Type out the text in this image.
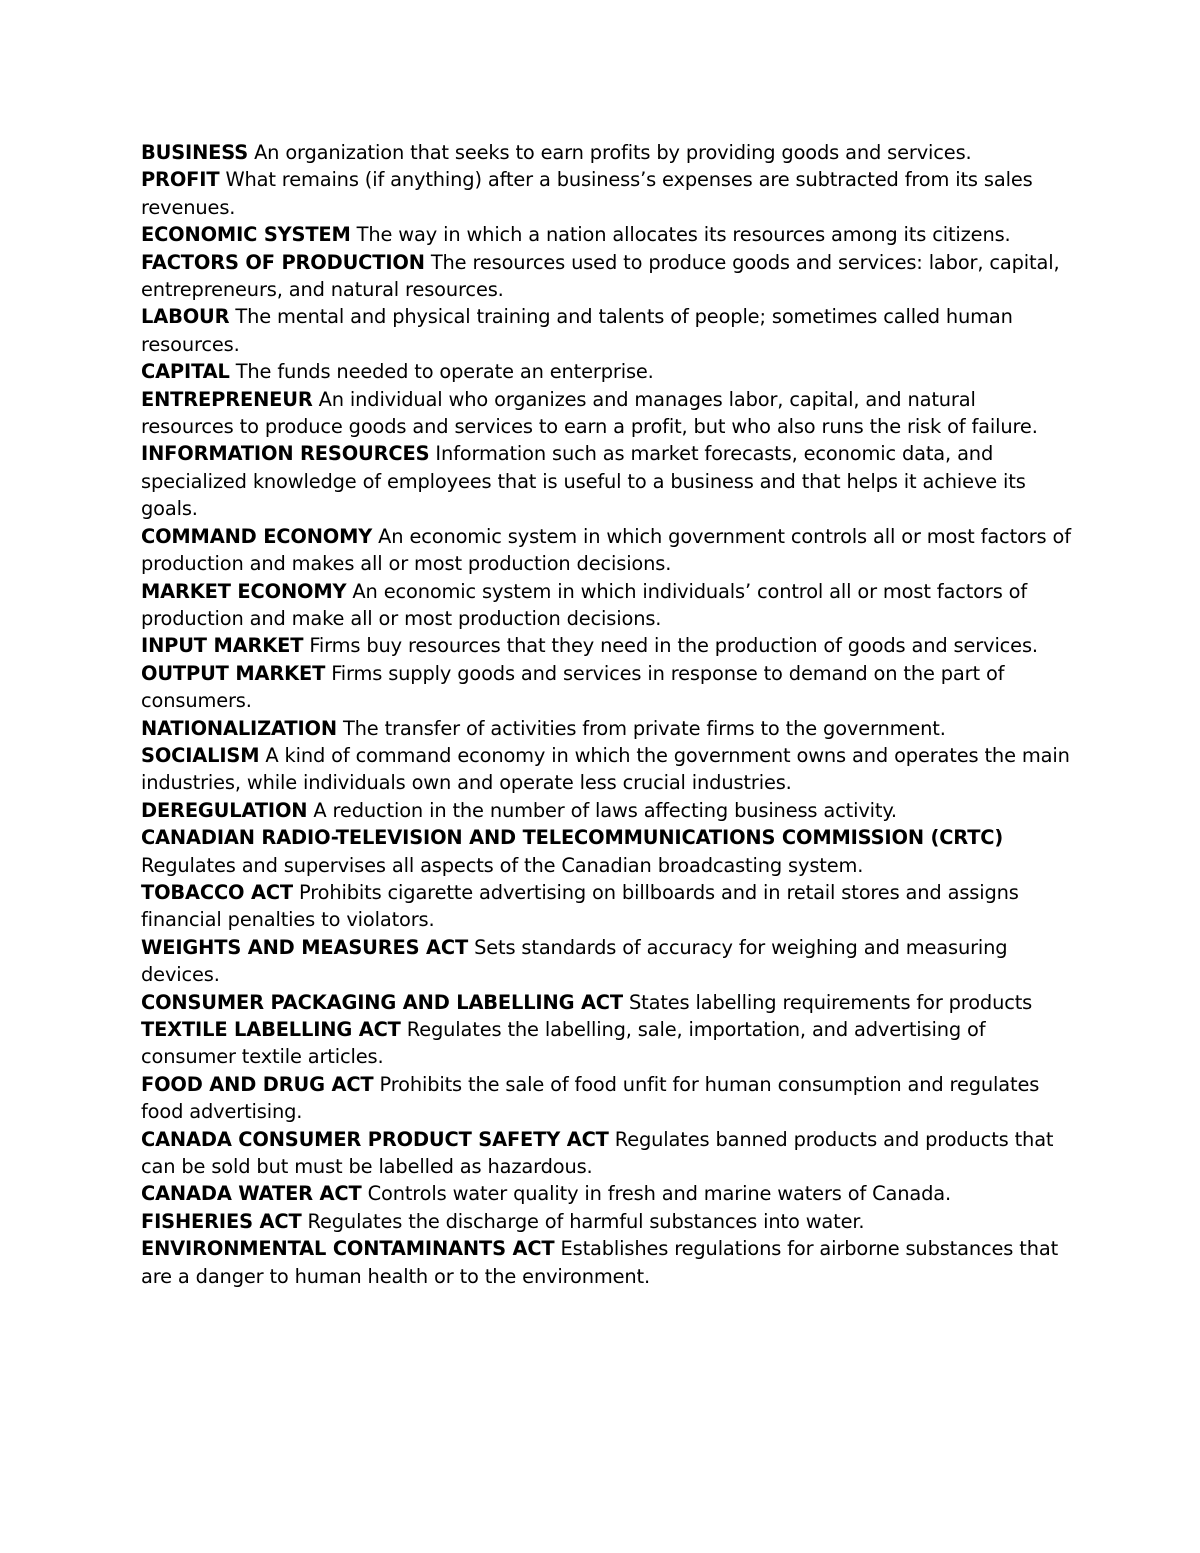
BUSINESS An organization that seeks to earn profits by providing goods and services.

PROFIT What remains (if anything) after a business’s expenses are subtracted from its sales revenues.

ECONOMIC SYSTEM The way in which a nation allocates its resources among its citizens.

FACTORS OF PRODUCTION The resources used to produce goods and services: labor, capital, entrepreneurs, and natural resources.

LABOUR The mental and physical training and talents of people; sometimes called human resources.

CAPITAL The funds needed to operate an enterprise.

ENTREPRENEUR An individual who organizes and manages labor, capital, and natural resources to produce goods and services to earn a profit, but who also runs the risk of failure.

INFORMATION RESOURCES Information such as market forecasts, economic data, and specialized knowledge of employees that is useful to a business and that helps it achieve its goals.

COMMAND ECONOMY An economic system in which government controls all or most factors of production and makes all or most production decisions.

MARKET ECONOMY An economic system in which individuals’ control all or most factors of production and make all or most production decisions.

INPUT MARKET Firms buy resources that they need in the production of goods and services.

OUTPUT MARKET Firms supply goods and services in response to demand on the part of consumers.

NATIONALIZATION The transfer of activities from private firms to the government.

SOCIALISM A kind of command economy in which the government owns and operates the main industries, while individuals own and operate less crucial industries.

DEREGULATION A reduction in the number of laws affecting business activity.

CANADIAN RADIO-TELEVISION AND TELECOMMUNICATIONS COMMISSION (CRTC) Regulates and supervises all aspects of the Canadian broadcasting system.

TOBACCO ACT Prohibits cigarette advertising on billboards and in retail stores and assigns financial penalties to violators.

WEIGHTS AND MEASURES ACT Sets standards of accuracy for weighing and measuring devices.

CONSUMER PACKAGING AND LABELLING ACT States labelling requirements for products

TEXTILE LABELLING ACT Regulates the labelling, sale, importation, and advertising of consumer textile articles.

FOOD AND DRUG ACT Prohibits the sale of food unfit for human consumption and regulates food advertising.

CANADA CONSUMER PRODUCT SAFETY ACT Regulates banned products and products that can be sold but must be labelled as hazardous.

CANADA WATER ACT Controls water quality in fresh and marine waters of Canada.

FISHERIES ACT Regulates the discharge of harmful substances into water.

ENVIRONMENTAL CONTAMINANTS ACT Establishes regulations for airborne substances that are a danger to human health or to the environment.
